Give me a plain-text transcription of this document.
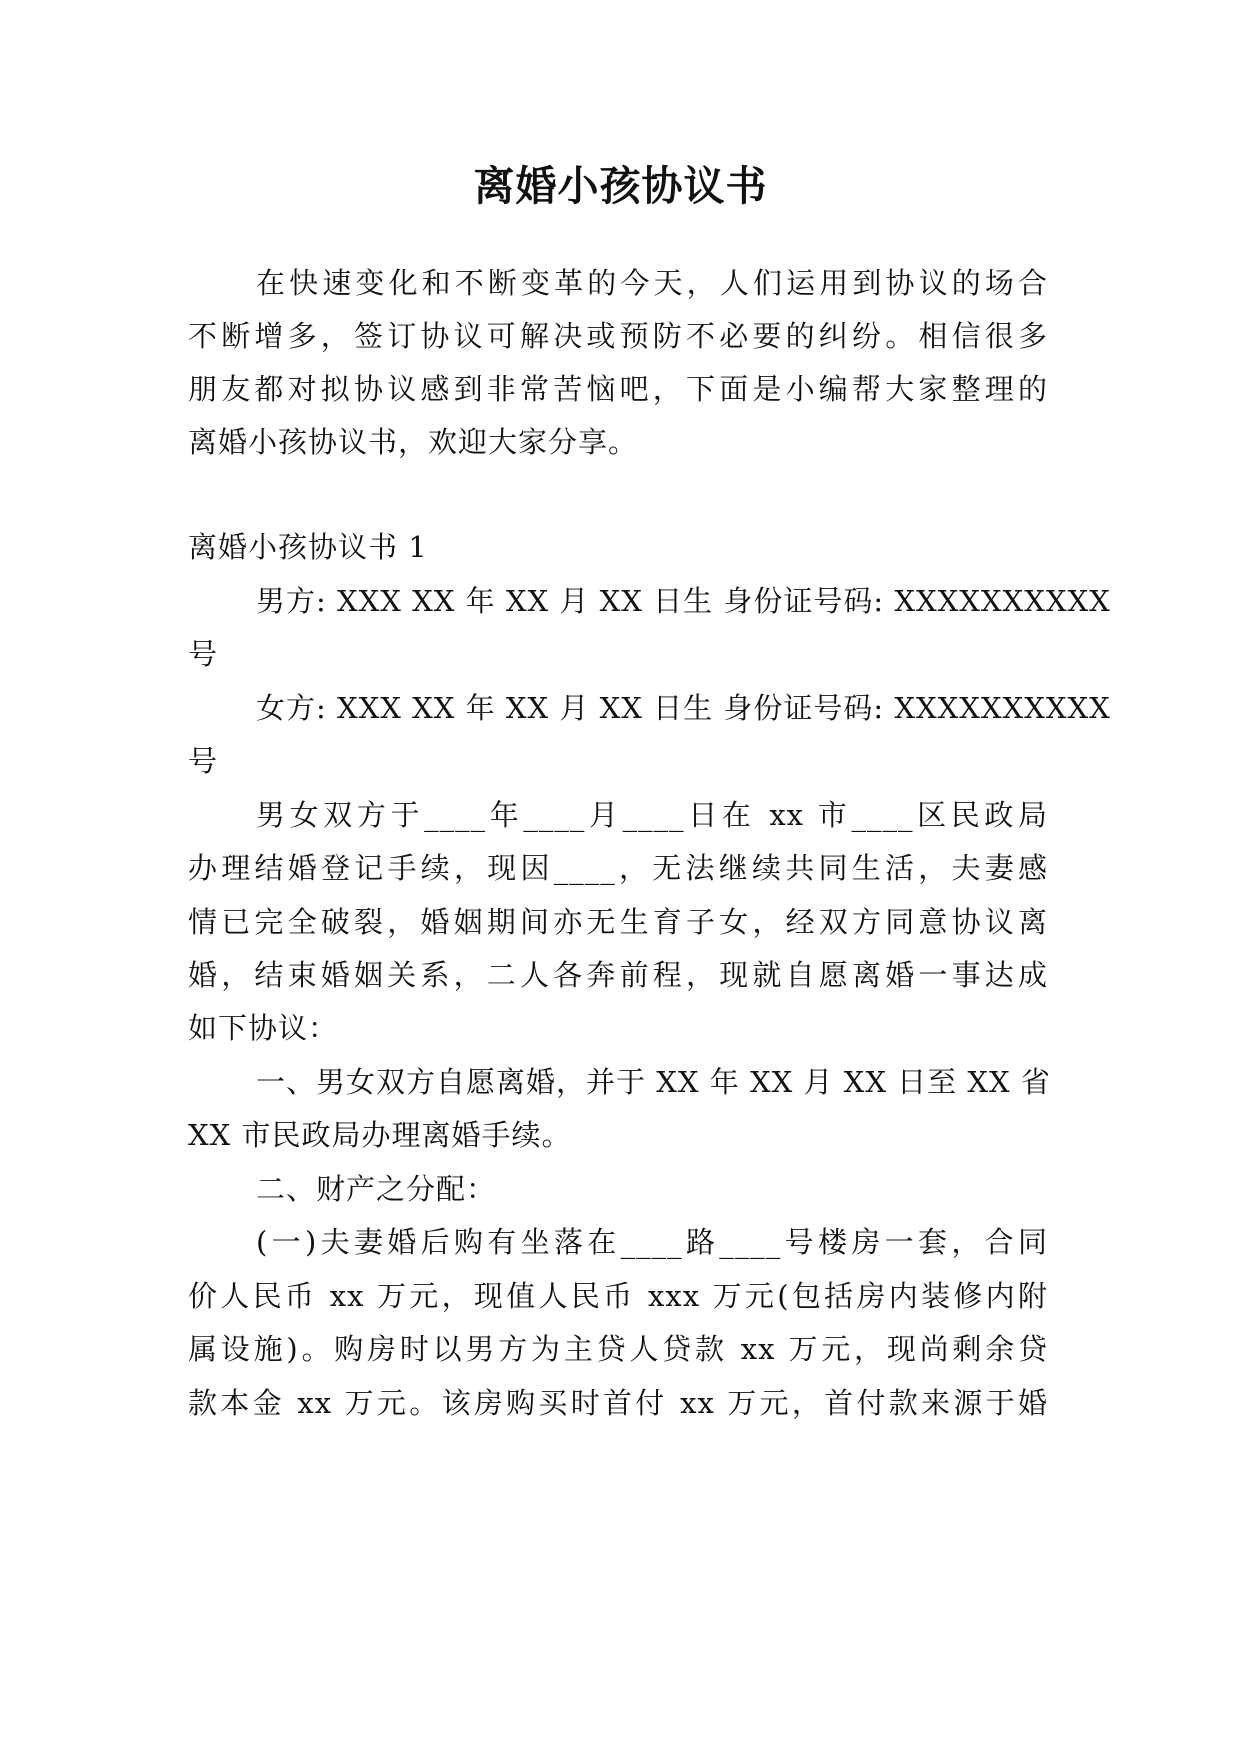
离婚小孩协议书
在快速变化和不断变革的今天，人们运用到协议的场合
不断增多，签订协议可解决或预防不必要的纠纷。相信很多
朋友都对拟协议感到非常苦恼吧，下面是小编帮大家整理的
离婚小孩协议书，欢迎大家分享。
离婚小孩协议书 1
男方: XXX XX 年 XX 月 XX 日生 身份证号码: XXXXXXXXXX
号
女方: XXX XX 年 XX 月 XX 日生 身份证号码: XXXXXXXXXX
号
男女双方于____年____月____日在 xx 市____区民政局
办理结婚登记手续，现因____，无法继续共同生活，夫妻感
情已完全破裂，婚姻期间亦无生育子女，经双方同意协议离
婚，结束婚姻关系，二人各奔前程，现就自愿离婚一事达成
如下协议：
一、男女双方自愿离婚，并于 XX 年 XX 月 XX 日至 XX 省
XX 市民政局办理离婚手续。
二、财产之分配：
(一)夫妻婚后购有坐落在____路____号楼房一套，合同
价人民币 xx 万元，现值人民币 xxx 万元(包括房内装修内附
属设施)。购房时以男方为主贷人贷款 xx 万元，现尚剩余贷
款本金 xx 万元。该房购买时首付 xx 万元，首付款来源于婚
